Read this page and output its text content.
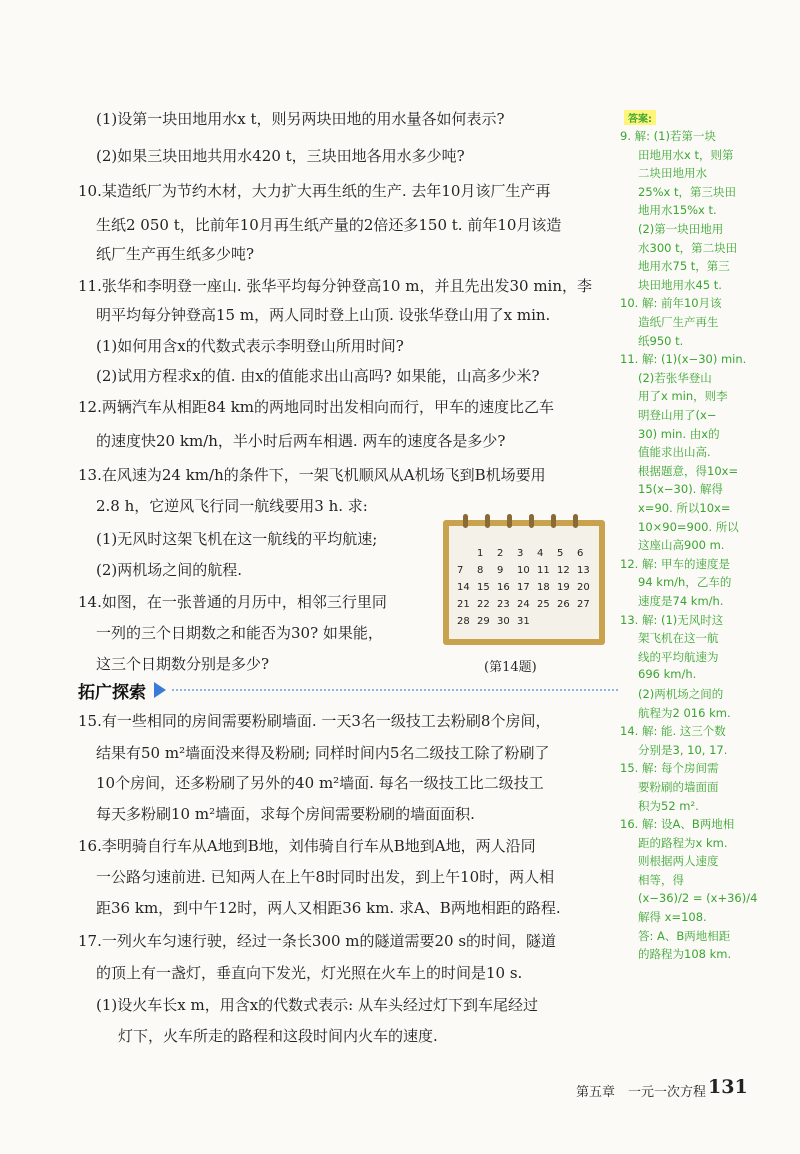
(1)设第一块田地用水x t，则另两块田地的用水量各如何表示?
(2)如果三块田地共用水420 t，三块田地各用水多少吨?
10.某造纸厂为节约木材，大力扩大再生纸的生产. 去年10月该厂生产再
生纸2 050 t，比前年10月再生纸产量的2倍还多150 t. 前年10月该造
纸厂生产再生纸多少吨?
11.张华和李明登一座山. 张华平均每分钟登高10 m，并且先出发30 min，李
明平均每分钟登高15 m，两人同时登上山顶. 设张华登山用了x min.
(1)如何用含x的代数式表示李明登山所用时间?
(2)试用方程求x的值. 由x的值能求出山高吗? 如果能，山高多少米?
12.两辆汽车从相距84 km的两地同时出发相向而行，甲车的速度比乙车
的速度快20 km/h，半小时后两车相遇. 两车的速度各是多少?
13.在风速为24 km/h的条件下，一架飞机顺风从A机场飞到B机场要用
2.8 h，它逆风飞行同一航线要用3 h. 求:
(1)无风时这架飞机在这一航线的平均航速;
(2)两机场之间的航程.
14.如图，在一张普通的月历中，相邻三行里同
一列的三个日期数之和能否为30? 如果能，
这三个日期数分别是多少?
15.有一些相同的房间需要粉刷墙面. 一天3名一级技工去粉刷8个房间，
结果有50 m²墙面没来得及粉刷; 同样时间内5名二级技工除了粉刷了
10个房间，还多粉刷了另外的40 m²墙面. 每名一级技工比二级技工
每天多粉刷10 m²墙面，求每个房间需要粉刷的墙面面积.
16.李明骑自行车从A地到B地，刘伟骑自行车从B地到A地，两人沿同
一公路匀速前进. 已知两人在上午8时同时出发，到上午10时，两人相
距36 km，到中午12时，两人又相距36 km. 求A、B两地相距的路程.
17.一列火车匀速行驶，经过一条长300 m的隧道需要20 s的时间，隧道
的顶上有一盏灯，垂直向下发光，灯光照在火车上的时间是10 s.
(1)设火车长x m，用含x的代数式表示: 从车头经过灯下到车尾经过
灯下，火车所走的路程和这段时间内火车的速度.
拓广探索
1 2 3 4 5 6
7 8 9 10 11 12 13
14 15 16 17 18 19 20
21 22 23 24 25 26 27
28 29 30 31
(第14题)
答案:
9. 解: (1)若第一块
田地用水x t，则第
二块田地用水
25%x t，第三块田
地用水15%x t.
(2)第一块田地用
水300 t，第二块田
地用水75 t，第三
块田地用水45 t.
10. 解: 前年10月该
造纸厂生产再生
纸950 t.
11. 解: (1)(x−30) min.
(2)若张华登山
用了x min，则李
明登山用了(x−
30) min. 由x的
值能求出山高.
根据题意，得10x=
15(x−30). 解得
x=90. 所以10x=
10×90=900. 所以
这座山高900 m.
12. 解: 甲车的速度是
94 km/h，乙车的
速度是74 km/h.
13. 解: (1)无风时这
架飞机在这一航
线的平均航速为
696 km/h.
(2)两机场之间的
航程为2 016 km.
14. 解: 能. 这三个数
分别是3, 10, 17.
15. 解: 每个房间需
要粉刷的墙面面
积为52 m².
16. 解: 设A、B两地相
距的路程为x km.
则根据两人速度
相等，得
(x−36)/2 = (x+36)/4
解得 x=108.
答: A、B两地相距
的路程为108 km.
第五章　一元一次方程 131
